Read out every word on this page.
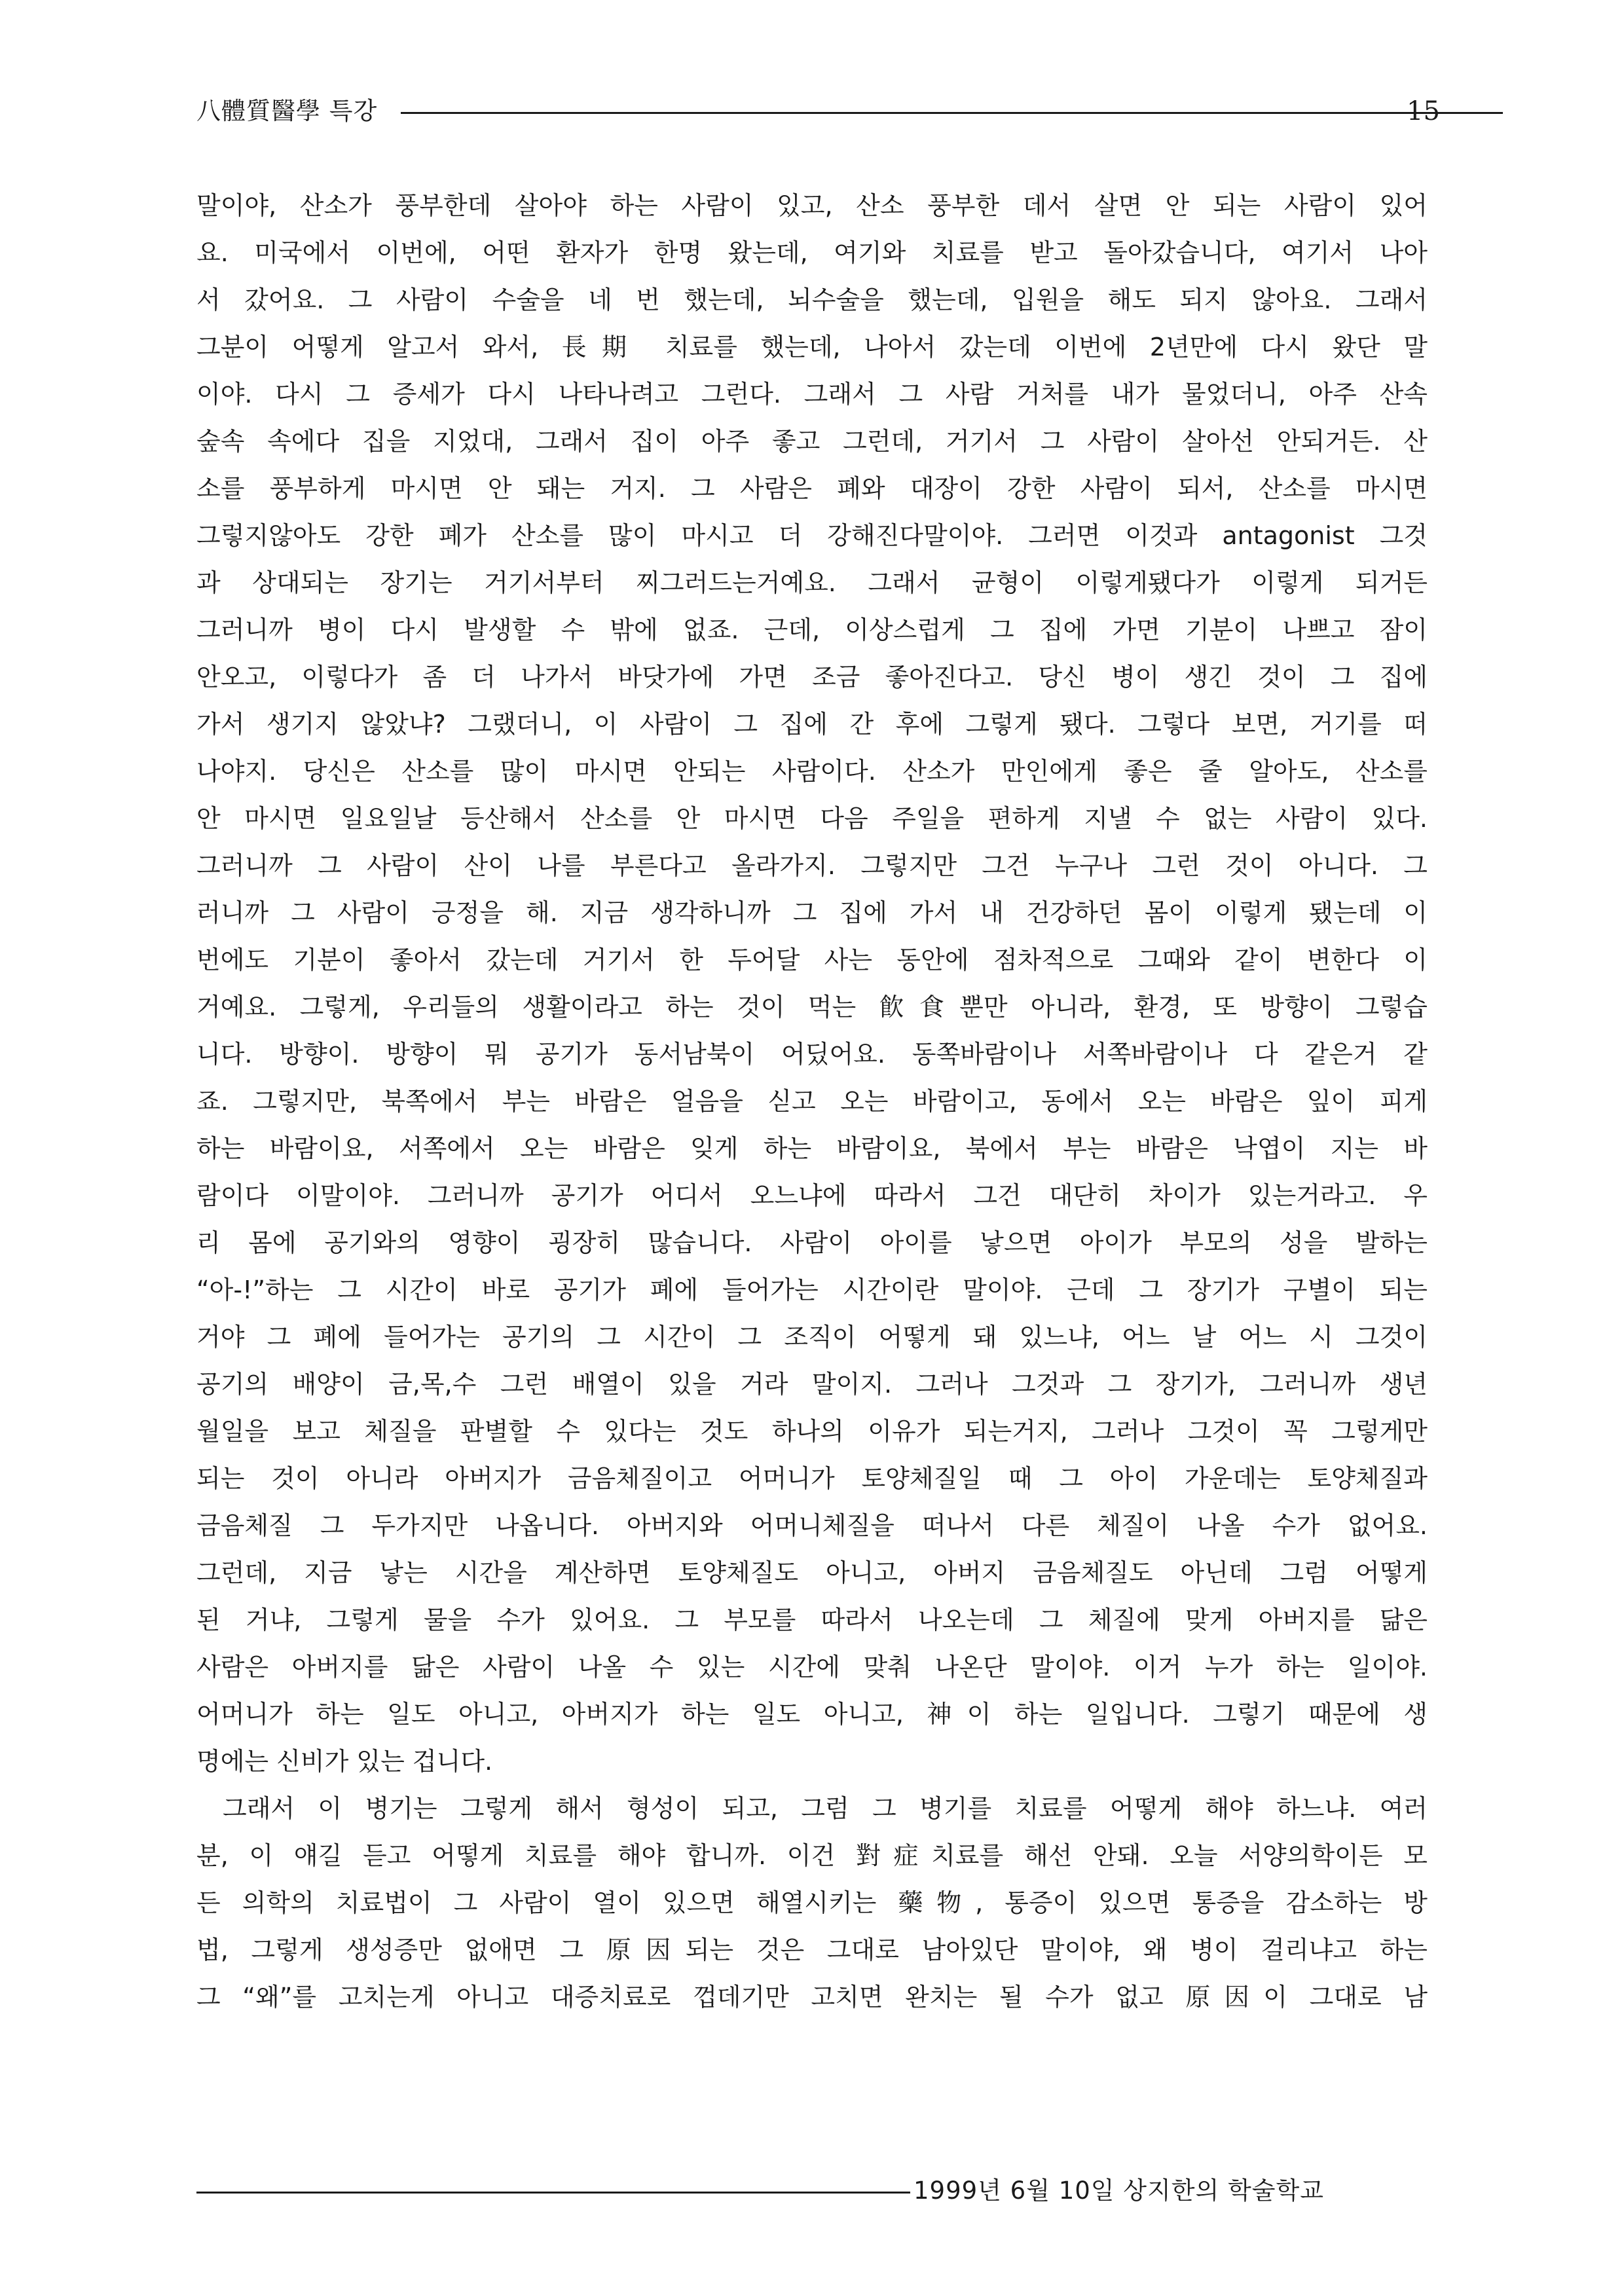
八體質醫學 특강	15
말이야, 산소가 풍부한데 살아야 하는 사람이 있고, 산소 풍부한 데서 살면 안 되는 사람이 있어
요. 미국에서 이번에, 어떤 환자가 한명 왔는데, 여기와 치료를 받고 돌아갔습니다, 여기서 나아
서 갔어요. 그 사람이 수술을 네 번 했는데, 뇌수술을 했는데, 입원을 해도 되지 않아요. 그래서
그분이 어떻게 알고서 와서, 長期 치료를 했는데, 나아서 갔는데 이번에 2년만에 다시 왔단 말
이야. 다시 그 증세가 다시 나타나려고 그런다. 그래서 그 사람 거처를 내가 물었더니, 아주 산속
숲속 속에다 집을 지었대, 그래서 집이 아주 좋고 그런데, 거기서 그 사람이 살아선 안되거든. 산
소를 풍부하게 마시면 안 돼는 거지. 그 사람은 폐와 대장이 강한 사람이 되서, 산소를 마시면
그렇지않아도 강한 폐가 산소를 많이 마시고 더 강해진다말이야. 그러면 이것과 antagonist 그것
과 상대되는 장기는 거기서부터 찌그러드는거예요. 그래서 균형이 이렇게됐다가 이렇게 되거든
그러니까 병이 다시 발생할 수 밖에 없죠. 근데, 이상스럽게 그 집에 가면 기분이 나쁘고 잠이
안오고, 이렇다가 좀 더 나가서 바닷가에 가면 조금 좋아진다고. 당신 병이 생긴 것이 그 집에
가서 생기지 않았냐? 그랬더니, 이 사람이 그 집에 간 후에 그렇게 됐다. 그렇다 보면, 거기를 떠
나야지. 당신은 산소를 많이 마시면 안되는 사람이다. 산소가 만인에게 좋은 줄 알아도, 산소를
안 마시면 일요일날 등산해서 산소를 안 마시면 다음 주일을 편하게 지낼 수 없는 사람이 있다.
그러니까 그 사람이 산이 나를 부른다고 올라가지. 그렇지만 그건 누구나 그런 것이 아니다. 그
러니까 그 사람이 긍정을 해. 지금 생각하니까 그 집에 가서 내 건강하던 몸이 이렇게 됐는데 이
번에도 기분이 좋아서 갔는데 거기서 한 두어달 사는 동안에 점차적으로 그때와 같이 변한다 이
거예요. 그렇게, 우리들의 생활이라고 하는 것이 먹는 飮食뿐만 아니라, 환경, 또 방향이 그렇습
니다. 방향이. 방향이 뭐 공기가 동서남북이 어딨어요. 동쪽바람이나 서쪽바람이나 다 같은거 같
죠. 그렇지만, 북쪽에서 부는 바람은 얼음을 싣고 오는 바람이고, 동에서 오는 바람은 잎이 피게
하는 바람이요, 서쪽에서 오는 바람은 잊게 하는 바람이요, 북에서 부는 바람은 낙엽이 지는 바
람이다 이말이야. 그러니까 공기가 어디서 오느냐에 따라서 그건 대단히 차이가 있는거라고. 우
리 몸에 공기와의 영향이 굉장히 많습니다. 사람이 아이를 낳으면 아이가 부모의 성을 발하는
“아-!”하는 그 시간이 바로 공기가 폐에 들어가는 시간이란 말이야. 근데 그 장기가 구별이 되는
거야 그 폐에 들어가는 공기의 그 시간이 그 조직이 어떻게 돼 있느냐, 어느 날 어느 시 그것이
공기의 배양이 금,목,수 그런 배열이 있을 거라 말이지. 그러나 그것과 그 장기가, 그러니까 생년
월일을 보고 체질을 판별할 수 있다는 것도 하나의 이유가 되는거지, 그러나 그것이 꼭 그렇게만
되는 것이 아니라 아버지가 금음체질이고 어머니가 토양체질일 때 그 아이 가운데는 토양체질과
금음체질 그 두가지만 나옵니다. 아버지와 어머니체질을 떠나서 다른 체질이 나올 수가 없어요.
그런데, 지금 낳는 시간을 계산하면 토양체질도 아니고, 아버지 금음체질도 아닌데 그럼 어떻게
된 거냐, 그렇게 물을 수가 있어요. 그 부모를 따라서 나오는데 그 체질에 맞게 아버지를 닮은
사람은 아버지를 닮은 사람이 나올 수 있는 시간에 맞춰 나온단 말이야. 이거 누가 하는 일이야.
어머니가 하는 일도 아니고, 아버지가 하는 일도 아니고, 神이 하는 일입니다. 그렇기 때문에 생
명에는 신비가 있는 겁니다.
그래서 이 병기는 그렇게 해서 형성이 되고, 그럼 그 병기를 치료를 어떻게 해야 하느냐. 여러
분, 이 얘길 듣고 어떻게 치료를 해야 합니까. 이건 對症치료를 해선 안돼. 오늘 서양의학이든 모
든 의학의 치료법이 그 사람이 열이 있으면 해열시키는 藥物, 통증이 있으면 통증을 감소하는 방
법, 그렇게 생성증만 없애면 그 原因되는 것은 그대로 남아있단 말이야, 왜 병이 걸리냐고 하는
그 “왜”를 고치는게 아니고 대증치료로 껍데기만 고치면 완치는 될 수가 없고 原因이 그대로 남
1999년 6월 10일 상지한의 학술학교
